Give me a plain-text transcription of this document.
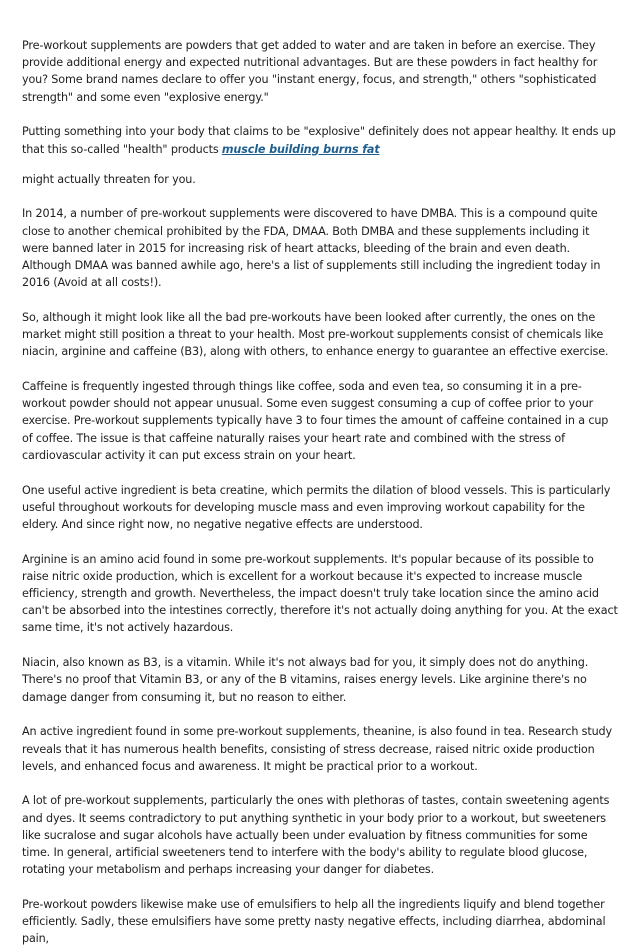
Pre-workout supplements are powders that get added to water and are taken in before an exercise. They provide additional energy and expected nutritional advantages. But are these powders in fact healthy for you? Some brand names declare to offer you "instant energy, focus, and strength," others "sophisticated strength" and some even "explosive energy."

Putting something into your body that claims to be "explosive" definitely does not appear healthy. It ends up that this so-called "health" products muscle building burns fat

might actually threaten for you.

In 2014, a number of pre-workout supplements were discovered to have DMBA. This is a compound quite close to another chemical prohibited by the FDA, DMAA. Both DMBA and these supplements including it were banned later in 2015 for increasing risk of heart attacks, bleeding of the brain and even death. Although DMAA was banned awhile ago, here's a list of supplements still including the ingredient today in 2016 (Avoid at all costs!).

So, although it might look like all the bad pre-workouts have been looked after currently, the ones on the market might still position a threat to your health. Most pre-workout supplements consist of chemicals like niacin, arginine and caffeine (B3), along with others, to enhance energy to guarantee an effective exercise.

Caffeine is frequently ingested through things like coffee, soda and even tea, so consuming it in a pre-workout powder should not appear unusual. Some even suggest consuming a cup of coffee prior to your exercise. Pre-workout supplements typically have 3 to four times the amount of caffeine contained in a cup of coffee. The issue is that caffeine naturally raises your heart rate and combined with the stress of cardiovascular activity it can put excess strain on your heart.

One useful active ingredient is beta creatine, which permits the dilation of blood vessels. This is particularly useful throughout workouts for developing muscle mass and even improving workout capability for the eldery. And since right now, no negative negative effects are understood.

Arginine is an amino acid found in some pre-workout supplements. It's popular because of its possible to raise nitric oxide production, which is excellent for a workout because it's expected to increase muscle efficiency, strength and growth. Nevertheless, the impact doesn't truly take location since the amino acid can't be absorbed into the intestines correctly, therefore it's not actually doing anything for you. At the exact same time, it's not actively hazardous.

Niacin, also known as B3, is a vitamin. While it's not always bad for you, it simply does not do anything. There's no proof that Vitamin B3, or any of the B vitamins, raises energy levels. Like arginine there's no damage danger from consuming it, but no reason to either.

An active ingredient found in some pre-workout supplements, theanine, is also found in tea. Research study reveals that it has numerous health benefits, consisting of stress decrease, raised nitric oxide production levels, and enhanced focus and awareness. It might be practical prior to a workout.

A lot of pre-workout supplements, particularly the ones with plethoras of tastes, contain sweetening agents and dyes. It seems contradictory to put anything synthetic in your body prior to a workout, but sweeteners like sucralose and sugar alcohols have actually been under evaluation by fitness communities for some time. In general, artificial sweeteners tend to interfere with the body's ability to regulate blood glucose, rotating your metabolism and perhaps increasing your danger for diabetes.

Pre-workout powders likewise make use of emulsifiers to help all the ingredients liquify and blend together efficiently. Sadly, these emulsifiers have some pretty nasty negative effects, including diarrhea, abdominal pain,
